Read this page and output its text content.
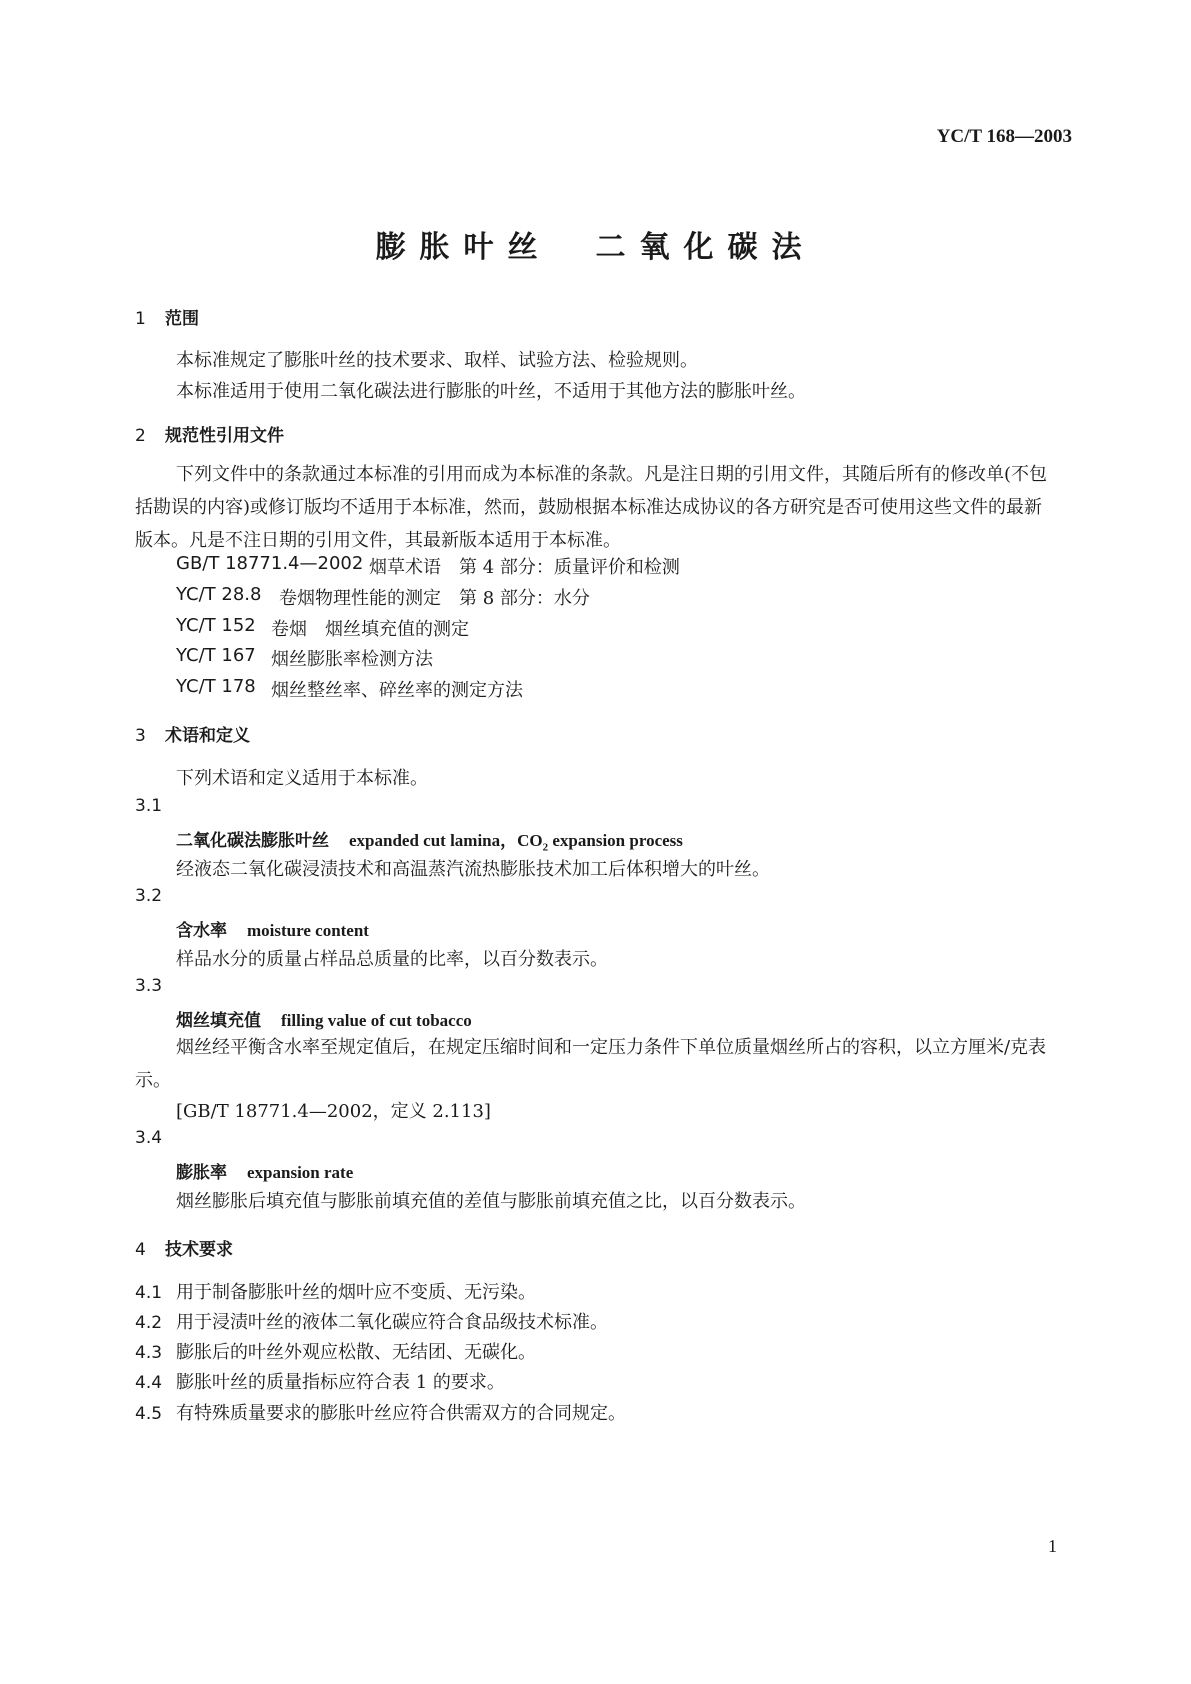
YC/T 168—2003
膨胀叶丝　二氧化碳法
1 范围
本标准规定了膨胀叶丝的技术要求、取样、试验方法、检验规则。
本标准适用于使用二氧化碳法进行膨胀的叶丝，不适用于其他方法的膨胀叶丝。
2 规范性引用文件
下列文件中的条款通过本标准的引用而成为本标准的条款。凡是注日期的引用文件，其随后所有的修改单(不包括勘误的内容)或修订版均不适用于本标准，然而，鼓励根据本标准达成协议的各方研究是否可使用这些文件的最新版本。凡是不注日期的引用文件，其最新版本适用于本标准。
GB/T 18771.4—2002 烟草术语　第 4 部分：质量评价和检测
YC/T 28.8 卷烟物理性能的测定　第 8 部分：水分
YC/T 152 卷烟　烟丝填充值的测定
YC/T 167 烟丝膨胀率检测方法
YC/T 178 烟丝整丝率、碎丝率的测定方法
3 术语和定义
下列术语和定义适用于本标准。
3.1
二氧化碳法膨胀叶丝 expanded cut lamina，$CO_2$ expansion process
经液态二氧化碳浸渍技术和高温蒸汽流热膨胀技术加工后体积增大的叶丝。
3.2
含水率 moisture content
样品水分的质量占样品总质量的比率，以百分数表示。
3.3
烟丝填充值 filling value of cut tobacco
烟丝经平衡含水率至规定值后，在规定压缩时间和一定压力条件下单位质量烟丝所占的容积，以立方厘米/克表示。
[GB/T 18771.4—2002，定义 2.113]
3.4
膨胀率 expansion rate
烟丝膨胀后填充值与膨胀前填充值的差值与膨胀前填充值之比，以百分数表示。
4 技术要求
4.1 用于制备膨胀叶丝的烟叶应不变质、无污染。
4.2 用于浸渍叶丝的液体二氧化碳应符合食品级技术标准。
4.3 膨胀后的叶丝外观应松散、无结团、无碳化。
4.4 膨胀叶丝的质量指标应符合表 1 的要求。
4.5 有特殊质量要求的膨胀叶丝应符合供需双方的合同规定。
1
